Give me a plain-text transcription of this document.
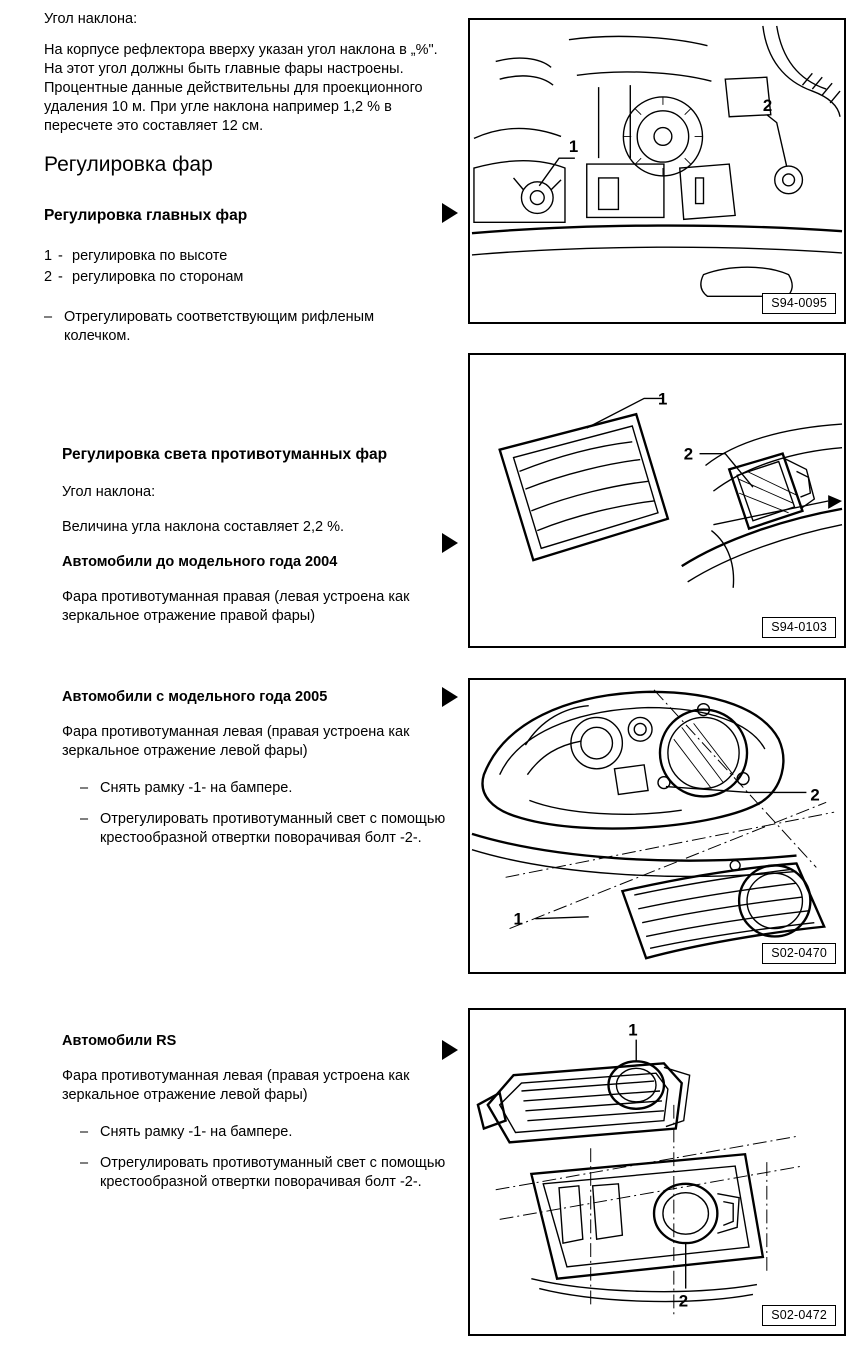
Угол наклона:

На корпусе рефлектора вверху указан угол наклона в „%". На этот угол должны быть главные фары настроены. Процентные данные действительны для проекционного удаления 10 м. При угле наклона например 1,2 % в пересчете это составляет 12 см.

Регулировка фар
Регулировка главных фар
1 - регулировка по высоте
2 - регулировка по сторонам
– Отрегулировать соответствующим рифленым колечком.
Регулировка света противотуманных фар

Угол наклона:

Величина угла наклона составляет 2,2 %.

Автомобили до модельного года 2004

Фара противотуманная правая (левая устроена как зеркальное отражение правой фары)

Автомобили с модельного года 2005

Фара противотуманная левая (правая устроена как зеркальное отражение левой фары)

– Снять рамку -1- на бампере.
– Отрегулировать противотуманный свет с помощью крестообразной отвертки поворачивая болт -2-.
Автомобили RS

Фара противотуманная левая (правая устроена как зеркальное отражение левой фары)

– Снять рамку -1- на бампере.
– Отрегулировать противотуманный свет с помощью крестообразной отвертки поворачивая болт -2-.
1
2
S94-0095
1
2
S94-0103
2
1
S02-0470
1
2
S02-0472
